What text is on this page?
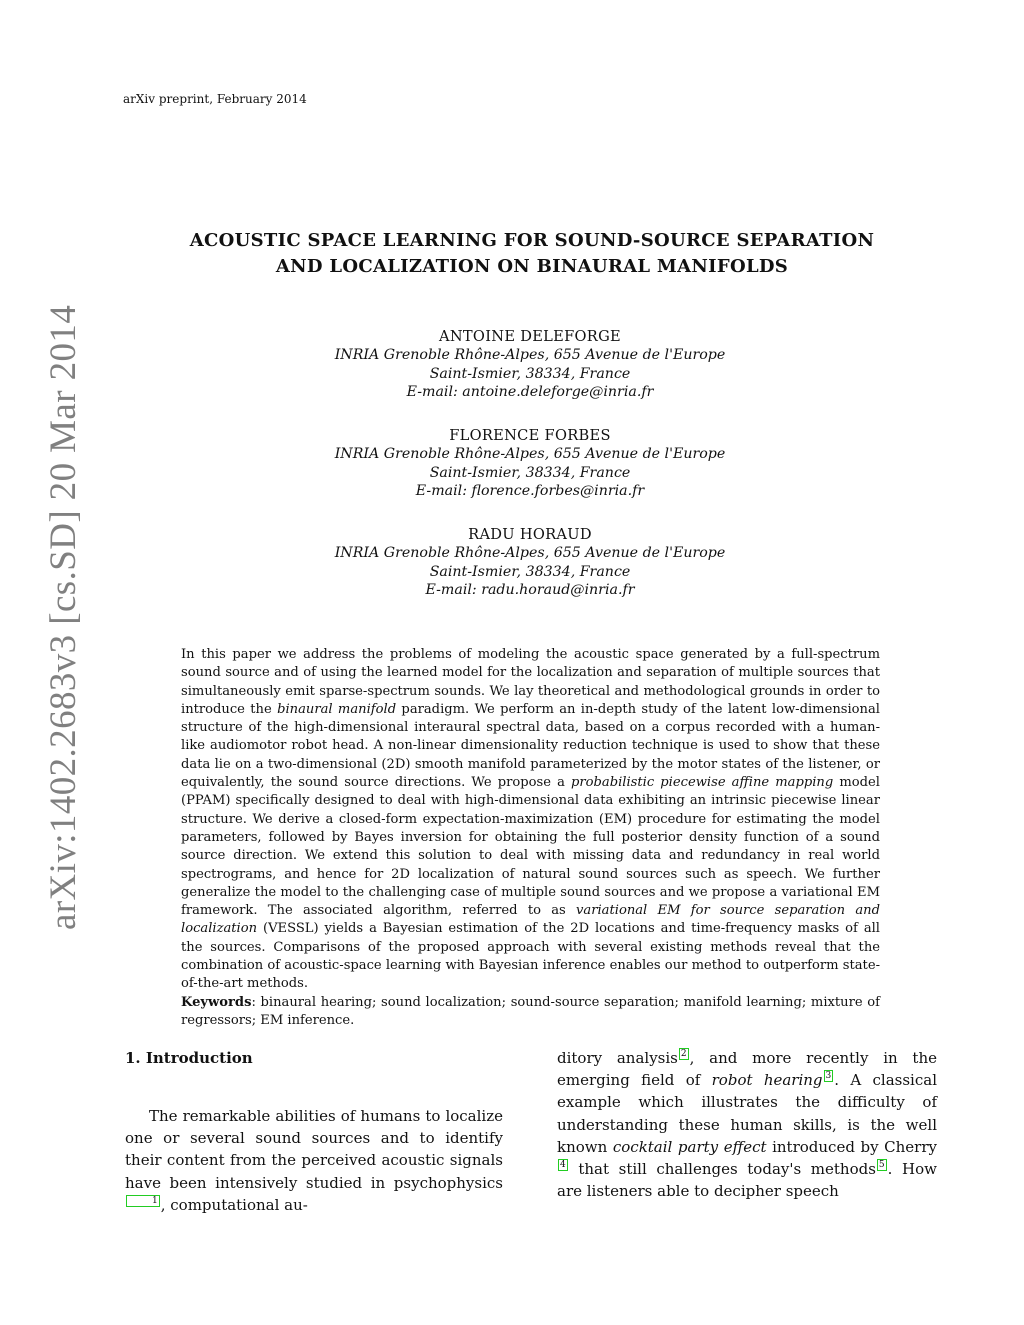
arXiv preprint, February 2014
arXiv:1402.2683v3 [cs.SD] 20 Mar 2014
ACOUSTIC SPACE LEARNING FOR SOUND-SOURCE SEPARATION
AND LOCALIZATION ON BINAURAL MANIFOLDS
ANTOINE DELEFORGE
INRIA Grenoble Rhône-Alpes, 655 Avenue de l'Europe
Saint-Ismier, 38334, France
E-mail: antoine.deleforge@inria.fr
FLORENCE FORBES
INRIA Grenoble Rhône-Alpes, 655 Avenue de l'Europe
Saint-Ismier, 38334, France
E-mail: florence.forbes@inria.fr
RADU HORAUD
INRIA Grenoble Rhône-Alpes, 655 Avenue de l'Europe
Saint-Ismier, 38334, France
E-mail: radu.horaud@inria.fr

In this paper we address the problems of modeling the acoustic space generated by a full-spectrum sound source and of using the learned model for the localization and separation of multiple sources that simultaneously emit sparse-spectrum sounds. We lay theoretical and methodological grounds in order to introduce the binaural manifold paradigm. We perform an in-depth study of the latent low-dimensional structure of the high-dimensional interaural spectral data, based on a corpus recorded with a human-like audiomotor robot head. A non-linear dimensionality reduction technique is used to show that these data lie on a two-dimensional (2D) smooth manifold parameterized by the motor states of the listener, or equivalently, the sound source directions. We propose a probabilistic piecewise affine mapping model (PPAM) specifically designed to deal with high-dimensional data exhibiting an intrinsic piecewise linear structure. We derive a closed-form expectation-maximization (EM) procedure for estimating the model parameters, followed by Bayes inversion for obtaining the full posterior density function of a sound source direction. We extend this solution to deal with missing data and redundancy in real world spectrograms, and hence for 2D localization of natural sound sources such as speech. We further generalize the model to the challenging case of multiple sound sources and we propose a variational EM framework. The associated algorithm, referred to as variational EM for source separation and localization (VESSL) yields a Bayesian estimation of the 2D locations and time-frequency masks of all the sources. Comparisons of the proposed approach with several existing methods reveal that the combination of acoustic-space learning with Bayesian inference enables our method to outperform state-of-the-art methods.

Keywords: binaural hearing; sound localization; sound-source separation; manifold learning; mixture of regressors; EM inference.

1. Introduction

The remarkable abilities of humans to localize one or several sound sources and to identify their content from the perceived acoustic signals have been intensively studied in psychophysics1 , computational au-

ditory analysis 2 , and more recently in the emerging field of robot hearing 3 . A classical example which illustrates the difficulty of understanding these human skills, is the well known cocktail party effect introduced by Cherry4 that still challenges today's methods 5 . How are listeners able to decipher speech
